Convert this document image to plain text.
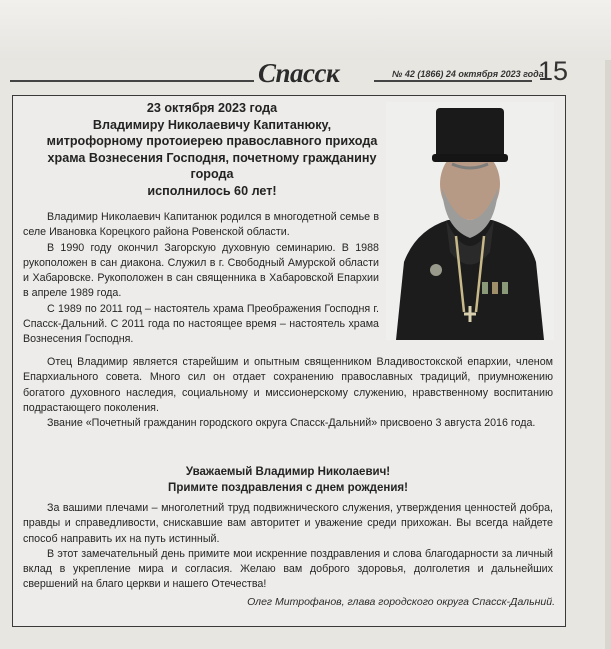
Спасск	№ 42 (1866) 24 октября 2023 года
15
23 октября 2023 года
Владимиру Николаевичу Капитанюку,
митрофорному протоиерею православного прихода
храма Вознесения Господня, почетному гражданину
города
исполнилось 60 лет!

Владимир Николаевич Капитанюк родился в многодетной семье в селе Ивановка Корецкого района Ровенской области.

В 1990 году окончил Загорскую духовную семинарию. В 1988 рукоположен в сан диакона. Служил в г. Свободный Амурской области и Хабаровске. Рукоположен в сан священника в Хабаровской Епархии в апреле 1989 года.

С 1989 по 2011 год – настоятель храма Преображения Господня г. Спасск-Дальний. С 2011 года по настоящее время – настоятель храма Вознесения Господня.

Отец Владимир является старейшим и опытным священником Владивостокской епархии, членом Епархиального совета. Много сил он отдает сохранению православных традиций, приумножению богатого духовного наследия, социальному и миссионерскому служению, нравственному воспитанию подрастающего поколения.

Звание «Почетный гражданин городского округа Спасск-Дальний» присвоено 3 августа 2016 года.

Уважаемый Владимир Николаевич!
Примите поздравления с днем рождения!

За вашими плечами – многолетний труд подвижнического служения, утверждения ценностей добра, правды и справедливости, снискавшие вам авторитет и уважение среди прихожан. Вы всегда найдете способ направить их на путь истинный.

В этот замечательный день примите мои искренние поздравления и слова благодарности за личный вклад в укрепление мира и согласия. Желаю вам доброго здоровья, долголетия и дальнейших свершений на благо церкви и нашего Отечества!

Олег Митрофанов, глава городского округа Спасск-Дальний.
